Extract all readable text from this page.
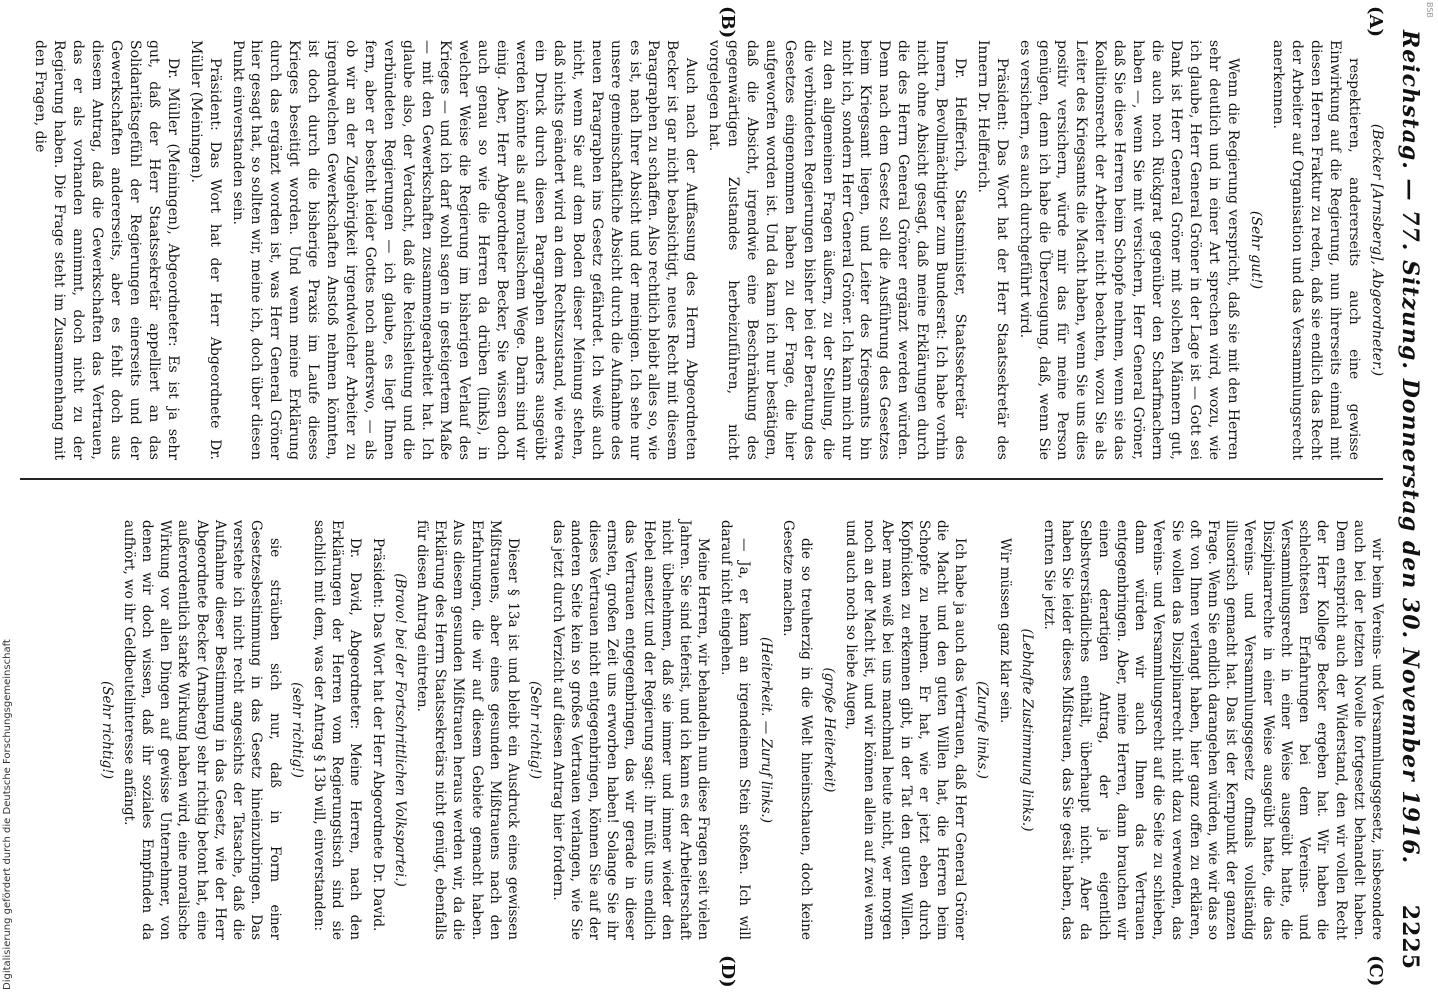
Reichstag. — 77. Sitzung. Donnerstag den 30. November 1916.
2225
(A)
(B)
(C)
(D)

(Becker [Arnsberg], Abgeordneter.)

respektieren, andererseits auch eine gewisse Einwirkung auf die Regierung, nun ihrerseits einmal mit diesen Herren Fraktur zu reden, daß sie endlich das Recht der Arbeiter auf Organisation und das Versammlungsrecht anerkennen.

(Sehr gut!)

Wenn die Regierung verspricht, daß sie mit den Herren sehr deutlich und in einer Art sprechen wird, wozu, wie ich glaube, Herr General Gröner in der Lage ist — Gott sei Dank ist Herr General Gröner mit solchen Männern gut, die auch noch Rückgrat gegenüber den Scharfmachern haben —, wenn Sie mit versichern, Herr General Gröner, daß Sie diese Herren beim Schopfe nehmen, wenn sie das Koalitionsrecht der Arbeiter nicht beachten, wozu Sie als Leiter des Kriegsamts die Macht haben, wenn Sie uns dies positiv versichern, würde mir das für meine Person genügen, denn ich habe die Überzeugung, daß, wenn Sie es versichern, es auch durchgeführt wird.

Präsident: Das Wort hat der Herr Staatssekretär des Innern Dr. Helfferich.

Dr. Helfferich, Staatsminister, Staatssekretär des Innern, Bevollmächtigter zum Bundesrat: Ich habe vorhin nicht ohne Absicht gesagt, daß meine Erklärungen durch die des Herrn General Gröner ergänzt werden würden. Denn nach dem Gesetz soll die Ausführung des Gesetzes beim Kriegsamt liegen, und Leiter des Kriegsamts bin nicht ich, sondern Herr General Gröner. Ich kann mich nur zu den allgemeinen Fragen äußern, zu der Stellung, die die verbündeten Regierungen bisher bei der Beratung des Gesetzes eingenommen haben zu der Frage, die hier aufgeworfen worden ist. Und da kann ich nur bestätigen, daß die Absicht, irgendwie eine Beschränkung des gegenwärtigen Zustandes herbeizuführen, nicht vorgelegen hat.

Auch nach der Auffassung des Herrn Abgeordneten Becker ist gar nicht beabsichtigt, neues Recht mit diesem Paragraphen zu schaffen. Also rechtlich bleibt alles so, wie es ist, nach Ihrer Absicht und der meinigen. Ich sehe nur unsere gemeinschaftliche Absicht durch die Aufnahme des neuen Paragraphen ins Gesetz gefährdet. Ich weiß auch nicht, wenn Sie auf dem Boden dieser Meinung stehen, daß nichts geändert wird an dem Rechtszustand, wie etwa ein Druck durch diesen Paragraphen anders ausgeübt werden könnte als auf moralischem Wege. Darin sind wir einig. Aber, Herr Abgeordneter Becker, Sie wissen doch auch genau so wie die Herren da drüben (links), in welcher Weise die Regierung im bisherigen Verlauf des Krieges — und ich darf wohl sagen in gesteigertem Maße — mit den Gewerkschaften zusammengearbeitet hat. Ich glaube also, der Verdacht, daß die Reichsleitung und die verbündeten Regierungen — ich glaube, es liegt Ihnen fern, aber er besteht leider Gottes noch anderswo, — als ob wir an der Zugehörigkeit irgendwelcher Arbeiter zu irgendwelchen Gewerkschaften Anstoß nehmen könnten, ist doch durch die bisherige Praxis im Laufe dieses Krieges beseitigt worden. Und wenn meine Erklärung durch das ergänzt worden ist, was Herr General Gröner hier gesagt hat, so sollten wir, meine ich, doch über diesen Punkt einverstanden sein.

Präsident: Das Wort hat der Herr Abgeordnete Dr. Müller (Meiningen).

Dr. Müller (Meiningen), Abgeordneter: Es ist ja sehr gut, daß der Herr Staatssekretär appelliert an das Solidaritätsgefühl der Regierungen einerseits und der Gewerkschaften andererseits, aber es fehlt doch aus diesem Antrag, daß die Gewerkschaften das Vertrauen, das er als vorhanden annimmt, doch nicht zu der Regierung haben. Die Frage steht im Zusammenhang mit den Fragen, die

wir beim Vereins- und Versammlungsgesetz, insbesondere auch bei der letzten Novelle fortgesetzt behandelt haben. Dem entspricht auch der Widerstand, den wir vollen Recht der Herr Kollege Becker ergeben hat. Wir haben die schlechtesten Erfahrungen bei dem Vereins- und Versammlungsrecht in einer Weise ausgeübt hatte, die Disziplinarrechte in einer Weise ausgeübt hatte, die das Vereins- und Versammlungsgesetz oftmals vollständig illusorisch gemacht hat. Das ist der Kernpunkt der ganzen Frage. Wenn Sie endlich darangehen würden, wie wir das so oft von Ihnen verlangt haben, hier ganz offen zu erklären, Sie wollen das Disziplinarrecht nicht dazu verwenden, das Vereins- und Versammlungsrecht auf die Seite zu schieben, dann würden wir auch Ihnen das Vertrauen entgegenbringen. Aber, meine Herren, dann brauchen wir einen derartigen Antrag, der ja eigentlich Selbstverständliches enthält, überhaupt nicht. Aber da haben Sie leider dieses Mißtrauen, das Sie gesät haben, das ernten Sie jetzt.

(Lebhafte Zustimmung links.)

Wir müssen ganz klar sein.

(Zurufe links.)

Ich habe ja auch das Vertrauen, daß Herr General Gröner die Macht und den guten Willen hat, die Herren beim Schopfe zu nehmen. Er hat, wie er jetzt eben durch Kopfnicken zu erkennen gibt, in der Tat den guten Willen. Aber man weiß bei uns manchmal heute nicht, wer morgen noch an der Macht ist, und wir können allein auf zwei wenn und auch noch so liebe Augen,

(große Heiterkeit)

die so treuherzig in die Welt hineinschauen, doch keine Gesetze machen.

(Heiterkeit. — Zuruf links.)

— Ja, er kann an irgendeinem Stein stoßen. Ich will darauf nicht eingehen.

Meine Herren, wir behandeln nun diese Fragen seit vielen Jahren. Sie sind tieferist, und ich kann es der Arbeiterschaft nicht übelnehmen, daß sie immer und immer wieder den Hebel ansetzt und der Regierung sagt: ihr müßt uns endlich das Vertrauen entgegenbringen, das wir gerade in dieser ernsten, großen Zeit uns erworben haben! Solange Sie ihr dieses Vertrauen nicht entgegenbringen, können Sie auf der anderen Seite kein so großes Vertrauen verlangen, wie Sie das jetzt durch Verzicht auf diesen Antrag hier fordern.

(Sehr richtig!)

Dieser § 13a ist und bleibt ein Ausdruck eines gewissen Mißtrauens, aber eines gesunden Mißtrauens nach den Erfahrungen, die wir auf diesem Gebiete gemacht haben. Aus diesem gesunden Mißtrauen heraus werden wir, da die Erklärung des Herrn Staatssekretärs nicht genügt, ebenfalls für diesen Antrag eintreten.

(Bravo! bei der Fortschrittlichen Volkspartei.)

Präsident: Das Wort hat der Herr Abgeordnete Dr. David.

Dr. David, Abgeordneter: Meine Herren, nach den Erklärungen der Herren vom Regierungstisch sind sie sachlich mit dem, was der Antrag § 13b will, einverstanden:

(sehr richtig!)

sie sträuben sich nur, daß in Form einer Gesetzesbestimmung in das Gesetz hineinzubringen. Das verstehe ich nicht recht angesichts der Tatsache, daß die Aufnahme dieser Bestimmung in das Gesetz, wie der Herr Abgeordnete Becker (Arnsberg) sehr richtig betont hat, eine außerordentlich starke Wirkung haben wird, eine moralische Wirkung vor allen Dingen auf gewisse Unternehmer, von denen wir doch wissen, daß ihr soziales Empfinden da aufhört, wo ihr Geldbeutelinteresse anfängt.

(Sehr richtig!)

Digitalisierung gefördert durch die Deutsche Forschungsgemeinschaft
BSB
